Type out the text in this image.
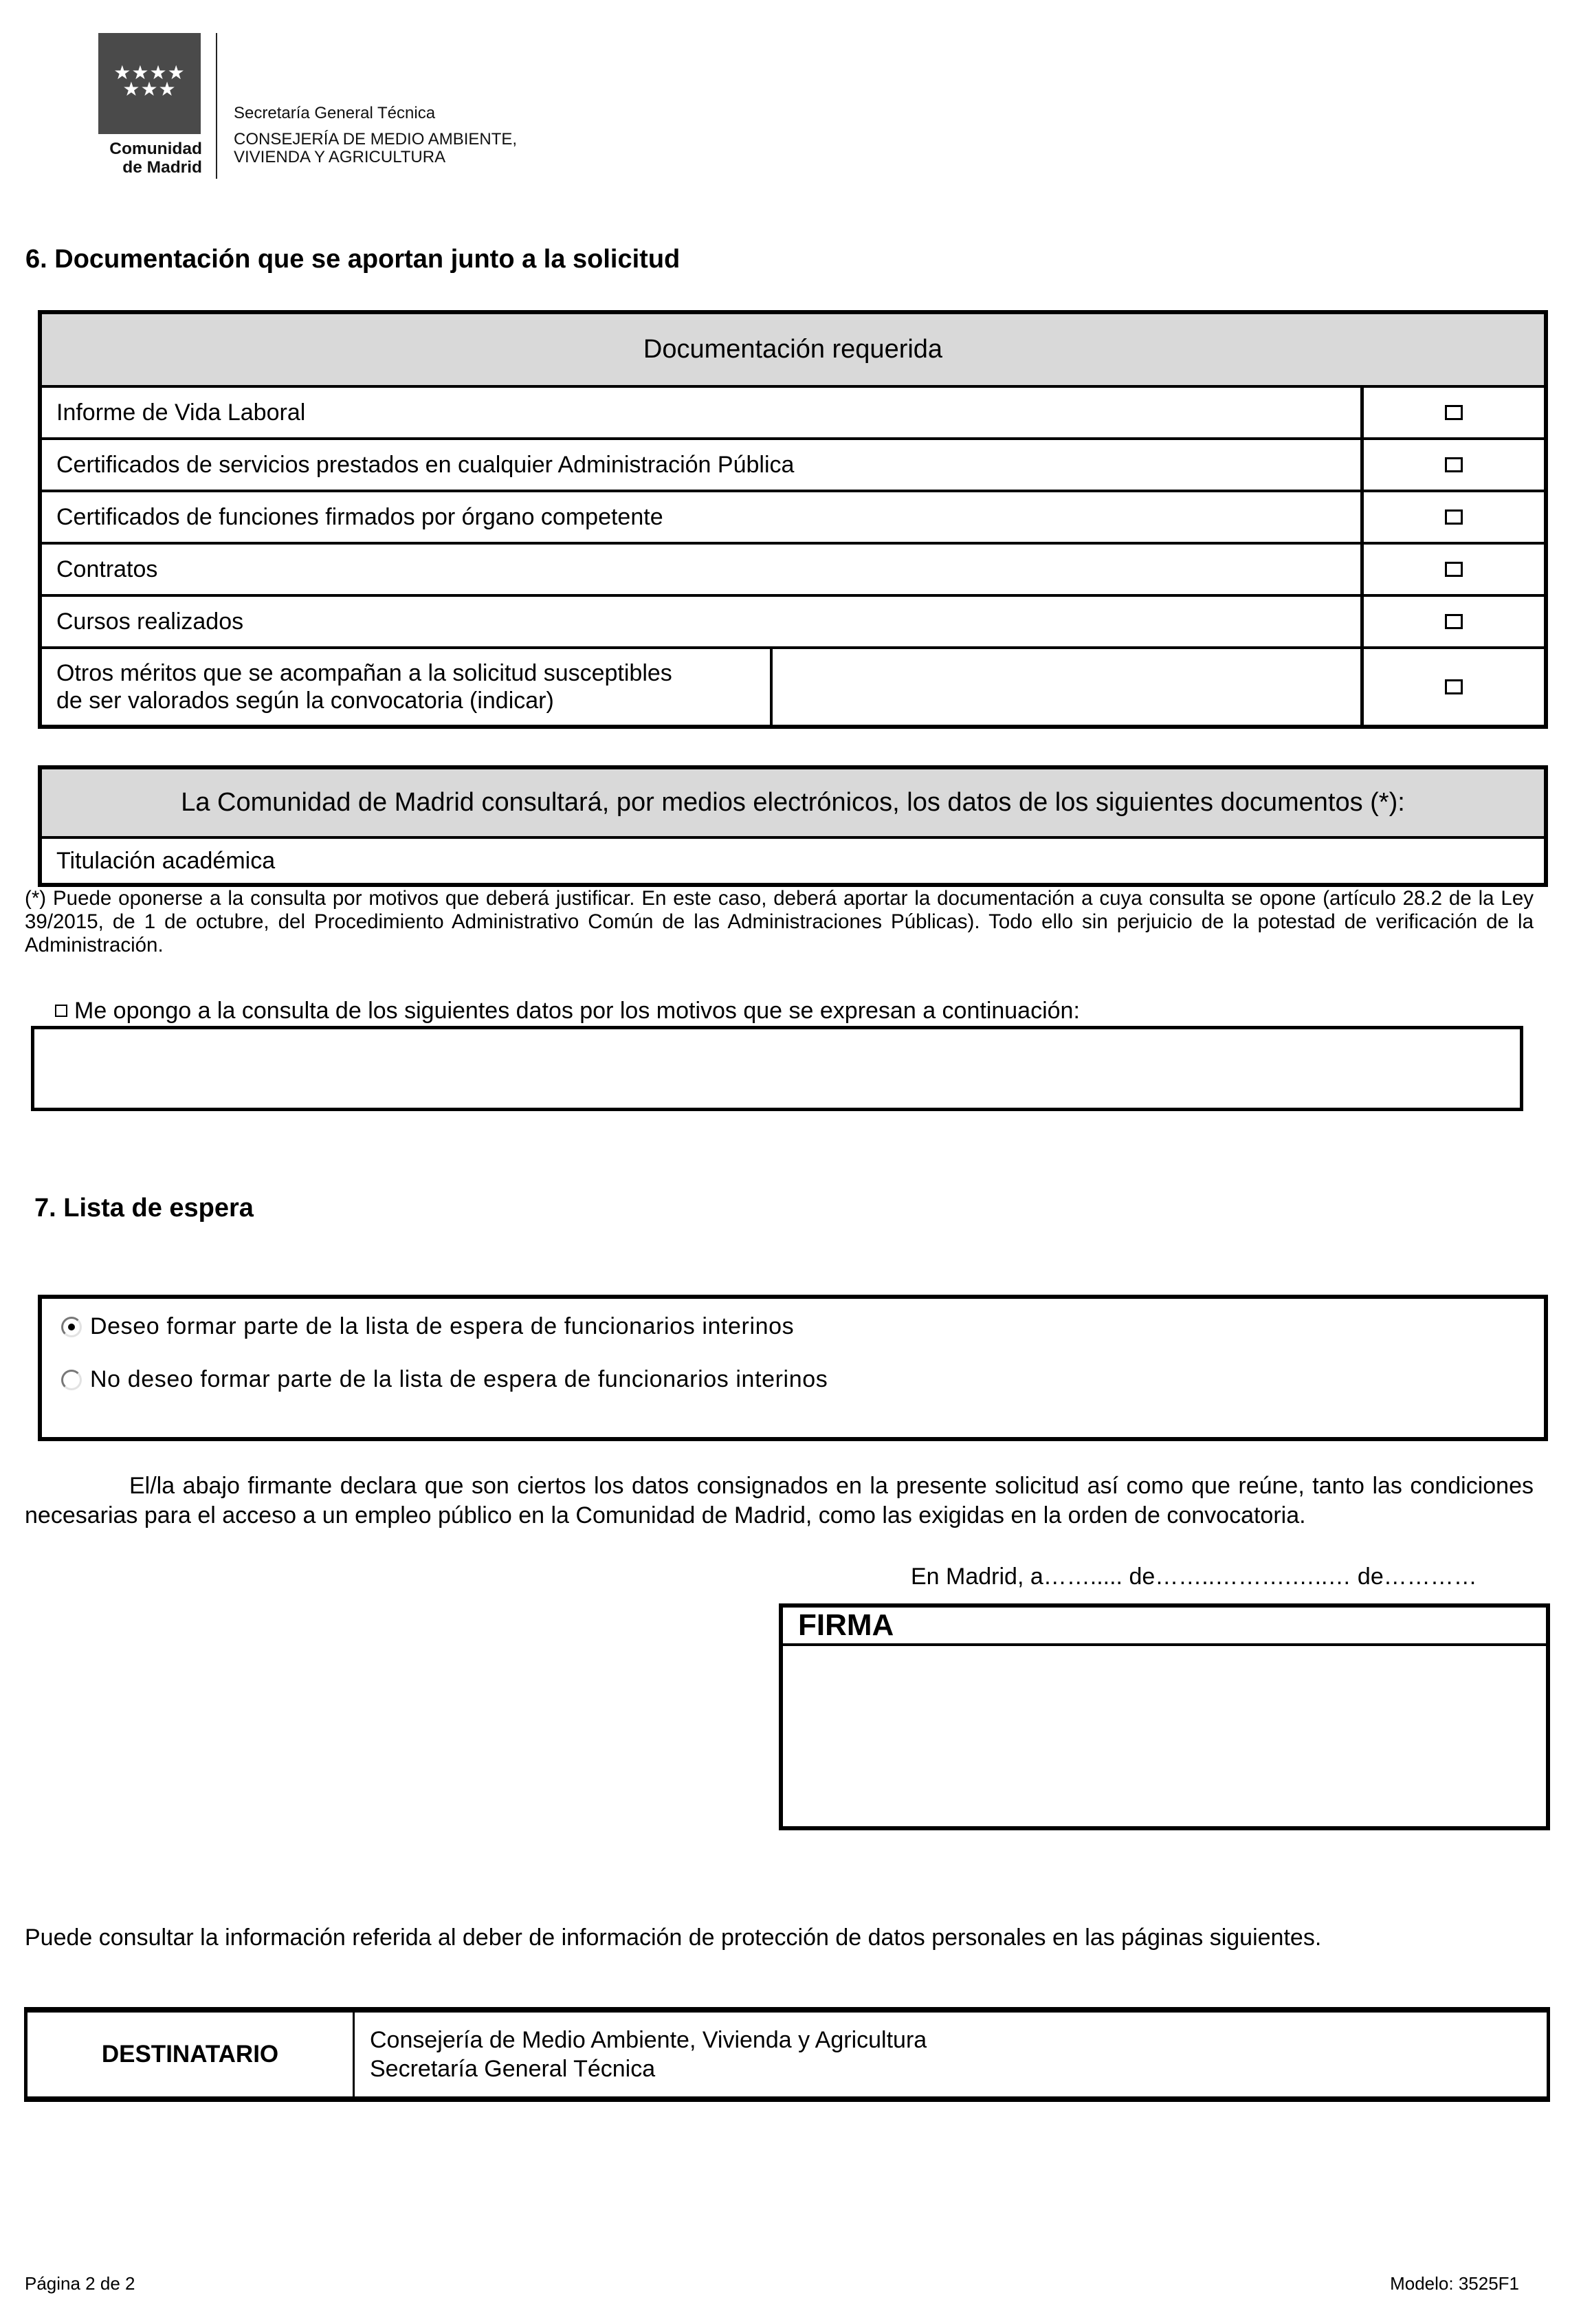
★★★★
★★★
Comunidad
de Madrid
Secretaría General Técnica
CONSEJERÍA DE MEDIO AMBIENTE,
VIVIENDA Y AGRICULTURA
6. Documentación que se aportan junto a la solicitud
Documentación requerida
Informe de Vida Laboral
Certificados de servicios prestados en cualquier Administración Pública
Certificados de funciones firmados por órgano competente
Contratos
Cursos realizados
Otros méritos que se acompañan a la solicitud susceptibles
de ser valorados según la convocatoria (indicar)
La Comunidad de Madrid consultará, por medios electrónicos, los datos de los siguientes documentos (*):
Titulación académica
(*) Puede oponerse a la consulta por motivos que deberá justificar. En este caso, deberá aportar la documentación a cuya consulta se opone (artículo 28.2 de la Ley 39/2015, de 1 de octubre, del Procedimiento Administrativo Común de las Administraciones Públicas). Todo ello sin perjuicio de la potestad de verificación de la Administración.
Me opongo a la consulta de los siguientes datos por los motivos que se expresan a continuación:
7. Lista de espera
Deseo formar parte de la lista de espera de funcionarios interinos
No deseo formar parte de la lista de espera de funcionarios interinos
El/la abajo firmante declara que son ciertos los datos consignados en la presente solicitud así como que reúne, tanto las condiciones necesarias para el acceso a un empleo público en la Comunidad de Madrid, como las exigidas en la orden de convocatoria.
En Madrid, a……..... de……..……….…..… de…………
FIRMA
Puede consultar la información referida al deber de información de protección de datos personales en las páginas siguientes.
DESTINATARIO
Consejería de Medio Ambiente, Vivienda y Agricultura
Secretaría General Técnica
Página 2 de 2	Modelo: 3525F1
